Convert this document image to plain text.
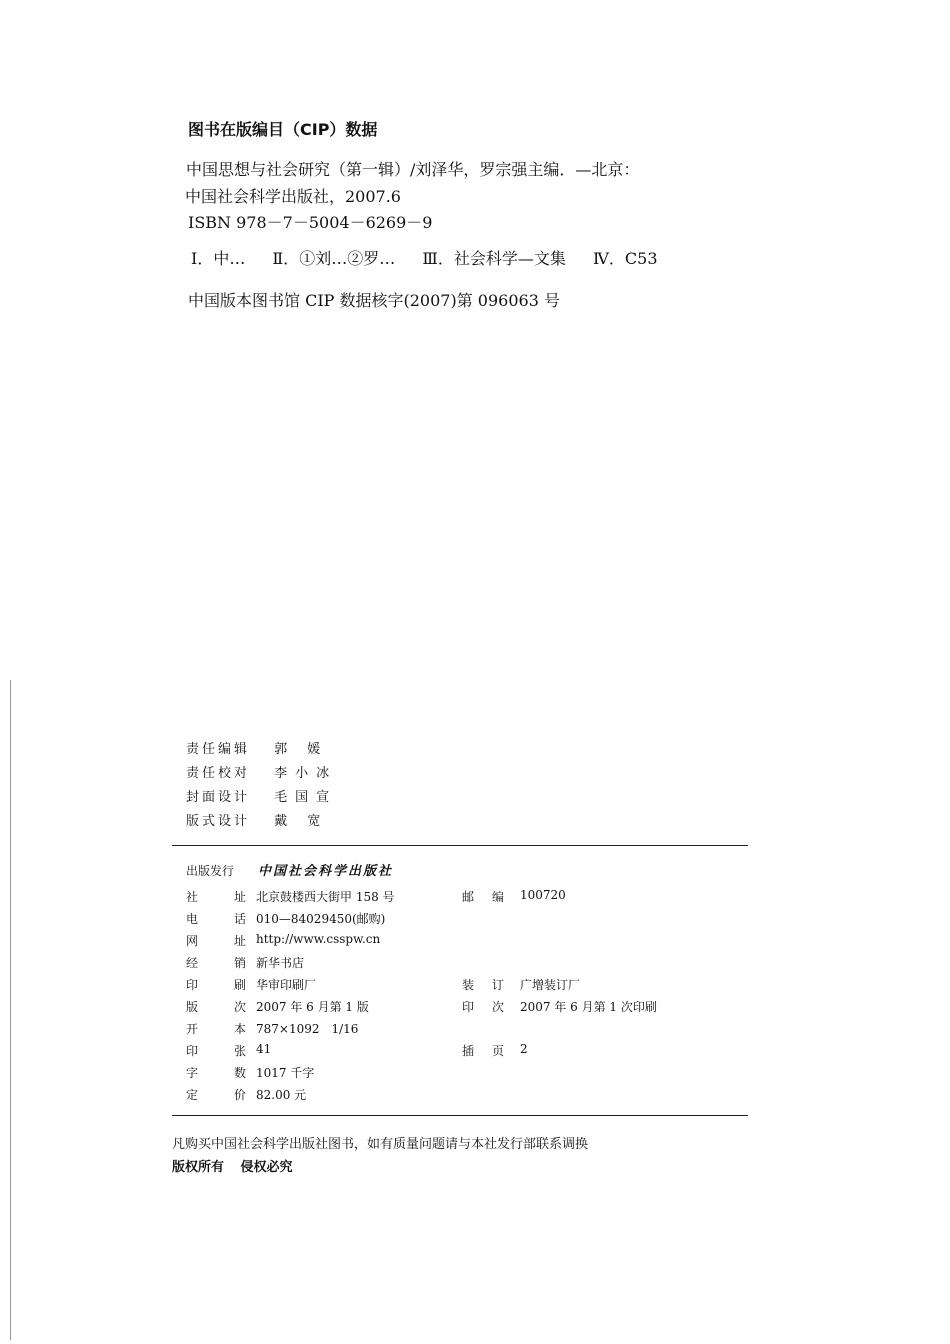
图书在版编目（CIP）数据
中国思想与社会研究（第一辑）/刘泽华，罗宗强主编．—北京：
中国社会科学出版社，2007.6
ISBN 978－7－5004－6269－9
Ⅰ．中… Ⅱ．①刘…②罗… Ⅲ．社会科学—文集 Ⅳ．C53
中国版本图书馆 CIP 数据核字(2007)第 096063 号
责任编辑 郭 媛
责任校对 李小冰
封面设计 毛国宣
版式设计 戴 宽
出版发行	中国社会科学出版社
社	址 北京鼓楼西大街甲 158 号	邮 编 100720
电	话 010—84029450(邮购)
网	址 http://www.csspw.cn
经	销 新华书店
印	刷 华审印刷厂	装 订 广增装订厂
版	次 2007 年 6 月第 1 版	印 次 2007 年 6 月第 1 次印刷
开	本 787×1092　1/16
印	张 41	插 页 2
字	数 1017 千字
定	价 82.00 元
凡购买中国社会科学出版社图书，如有质量问题请与本社发行部联系调换
版权所有 侵权必究
